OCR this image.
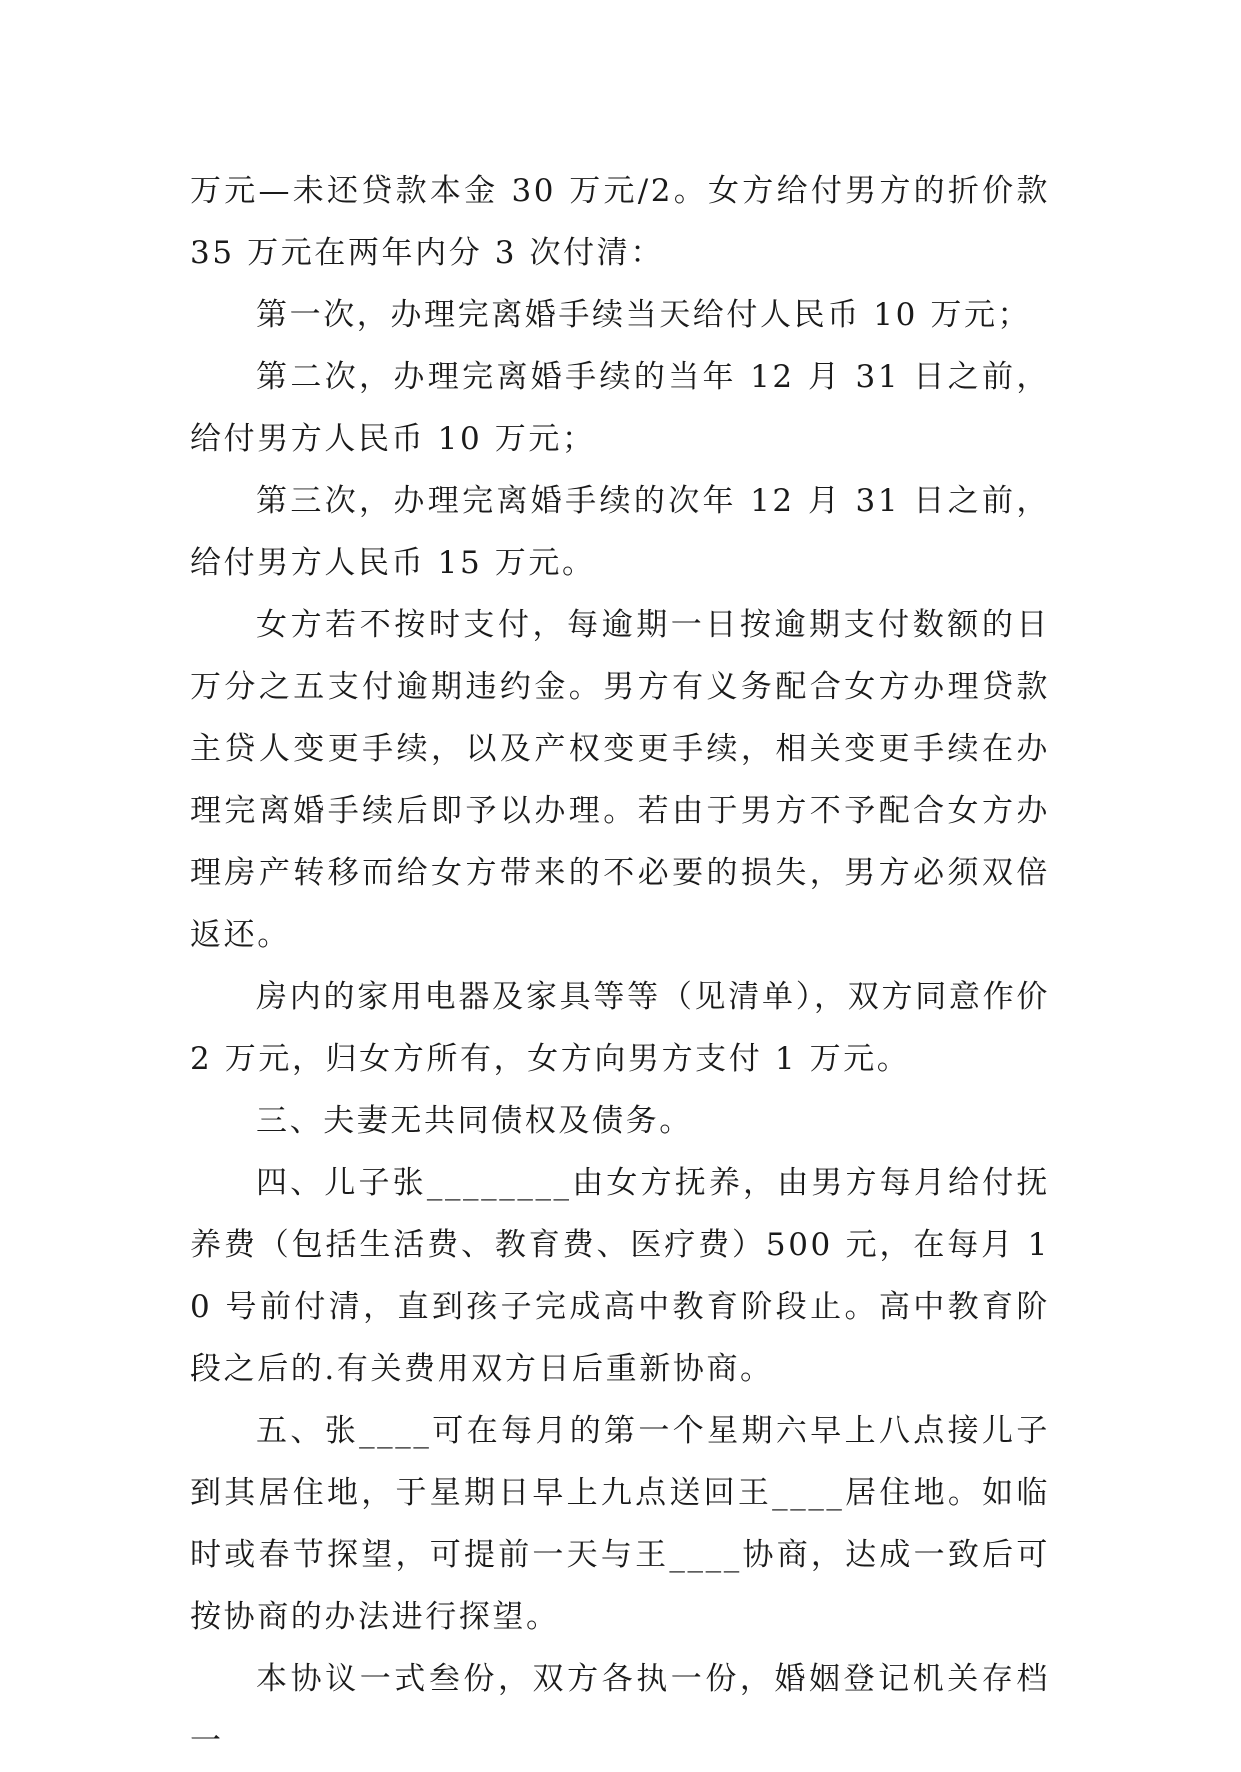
万元—未还贷款本金 30 万元/2。女方给付男方的折价款 35 万元在两年内分 3 次付清：

第一次，办理完离婚手续当天给付人民币 10 万元；

第二次，办理完离婚手续的当年 12 月 31 日之前，给付男方人民币 10 万元；

第三次，办理完离婚手续的次年 12 月 31 日之前，给付男方人民币 15 万元。

女方若不按时支付，每逾期一日按逾期支付数额的日万分之五支付逾期违约金。男方有义务配合女方办理贷款主贷人变更手续，以及产权变更手续，相关变更手续在办理完离婚手续后即予以办理。若由于男方不予配合女方办理房产转移而给女方带来的不必要的损失，男方必须双倍返还。

房内的家用电器及家具等等（见清单），双方同意作价 2 万元，归女方所有，女方向男方支付 1 万元。

三、夫妻无共同债权及债务。

四、儿子张________由女方抚养，由男方每月给付抚养费（包括生活费、教育费、医疗费）500 元，在每月 10 号前付清，直到孩子完成高中教育阶段止。高中教育阶段之后的.有关费用双方日后重新协商。

五、张____可在每月的第一个星期六早上八点接儿子到其居住地，于星期日早上九点送回王____居住地。如临时或春节探望，可提前一天与王____协商，达成一致后可按协商的办法进行探望。

本协议一式叁份，双方各执一份，婚姻登记机关存档一
